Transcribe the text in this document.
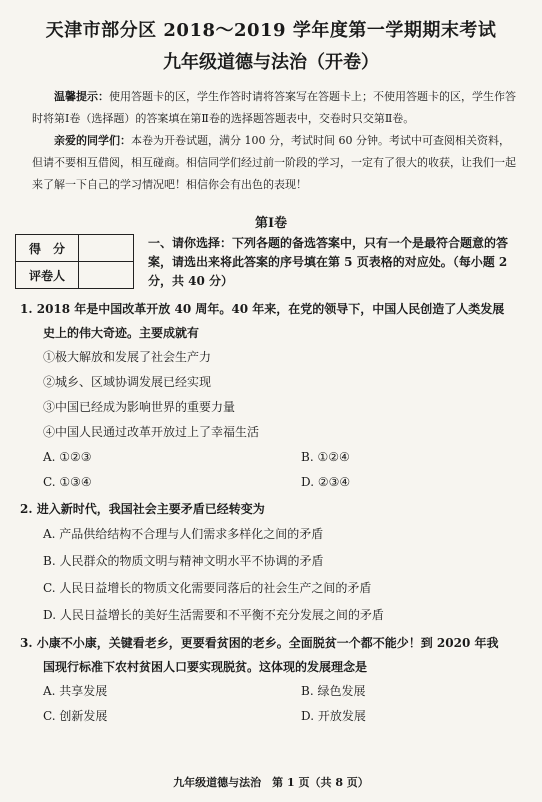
天津市部分区 2018～2019 学年度第一学期期末考试
九年级道德与法治（开卷）

温馨提示：使用答题卡的区，学生作答时请将答案写在答题卡上；不使用答题卡的区，学生作答时将第Ⅰ卷（选择题）的答案填在第Ⅱ卷的选择题答题表中，交卷时只交第Ⅱ卷。

亲爱的同学们：本卷为开卷试题，满分 100 分，考试时间 60 分钟。考试中可查阅相关资料，但请不要相互借阅，相互碰商。相信同学们经过前一阶段的学习，一定有了很大的收获，让我们一起来了解一下自己的学习情况吧！相信你会有出色的表现！

第Ⅰ卷
得　分	
评卷人	
一、请你选择：下列各题的备选答案中，只有一个是最符合题意的答案，请选出来将此答案的序号填在第 5 页表格的对应处。（每小题 2 分，共 40 分）
1. 2018 年是中国改革开放 40 周年。40 年来，在党的领导下，中国人民创造了人类发展
史上的伟大奇迹。主要成就有
①极大解放和发展了社会生产力
②城乡、区域协调发展已经实现
③中国已经成为影响世界的重要力量
④中国人民通过改革开放过上了幸福生活
A. ①②③	B. ①②④
C. ①③④	D. ②③④
2. 进入新时代，我国社会主要矛盾已经转变为
A. 产品供给结构不合理与人们需求多样化之间的矛盾
B. 人民群众的物质文明与精神文明水平不协调的矛盾
C. 人民日益增长的物质文化需要同落后的社会生产之间的矛盾
D. 人民日益增长的美好生活需要和不平衡不充分发展之间的矛盾
3. 小康不小康，关键看老乡，更要看贫困的老乡。全面脱贫一个都不能少！到 2020 年我
国现行标准下农村贫困人口要实现脱贫。这体现的发展理念是
A. 共享发展	B. 绿色发展
C. 创新发展	D. 开放发展
九年级道德与法治　第 1 页（共 8 页）
